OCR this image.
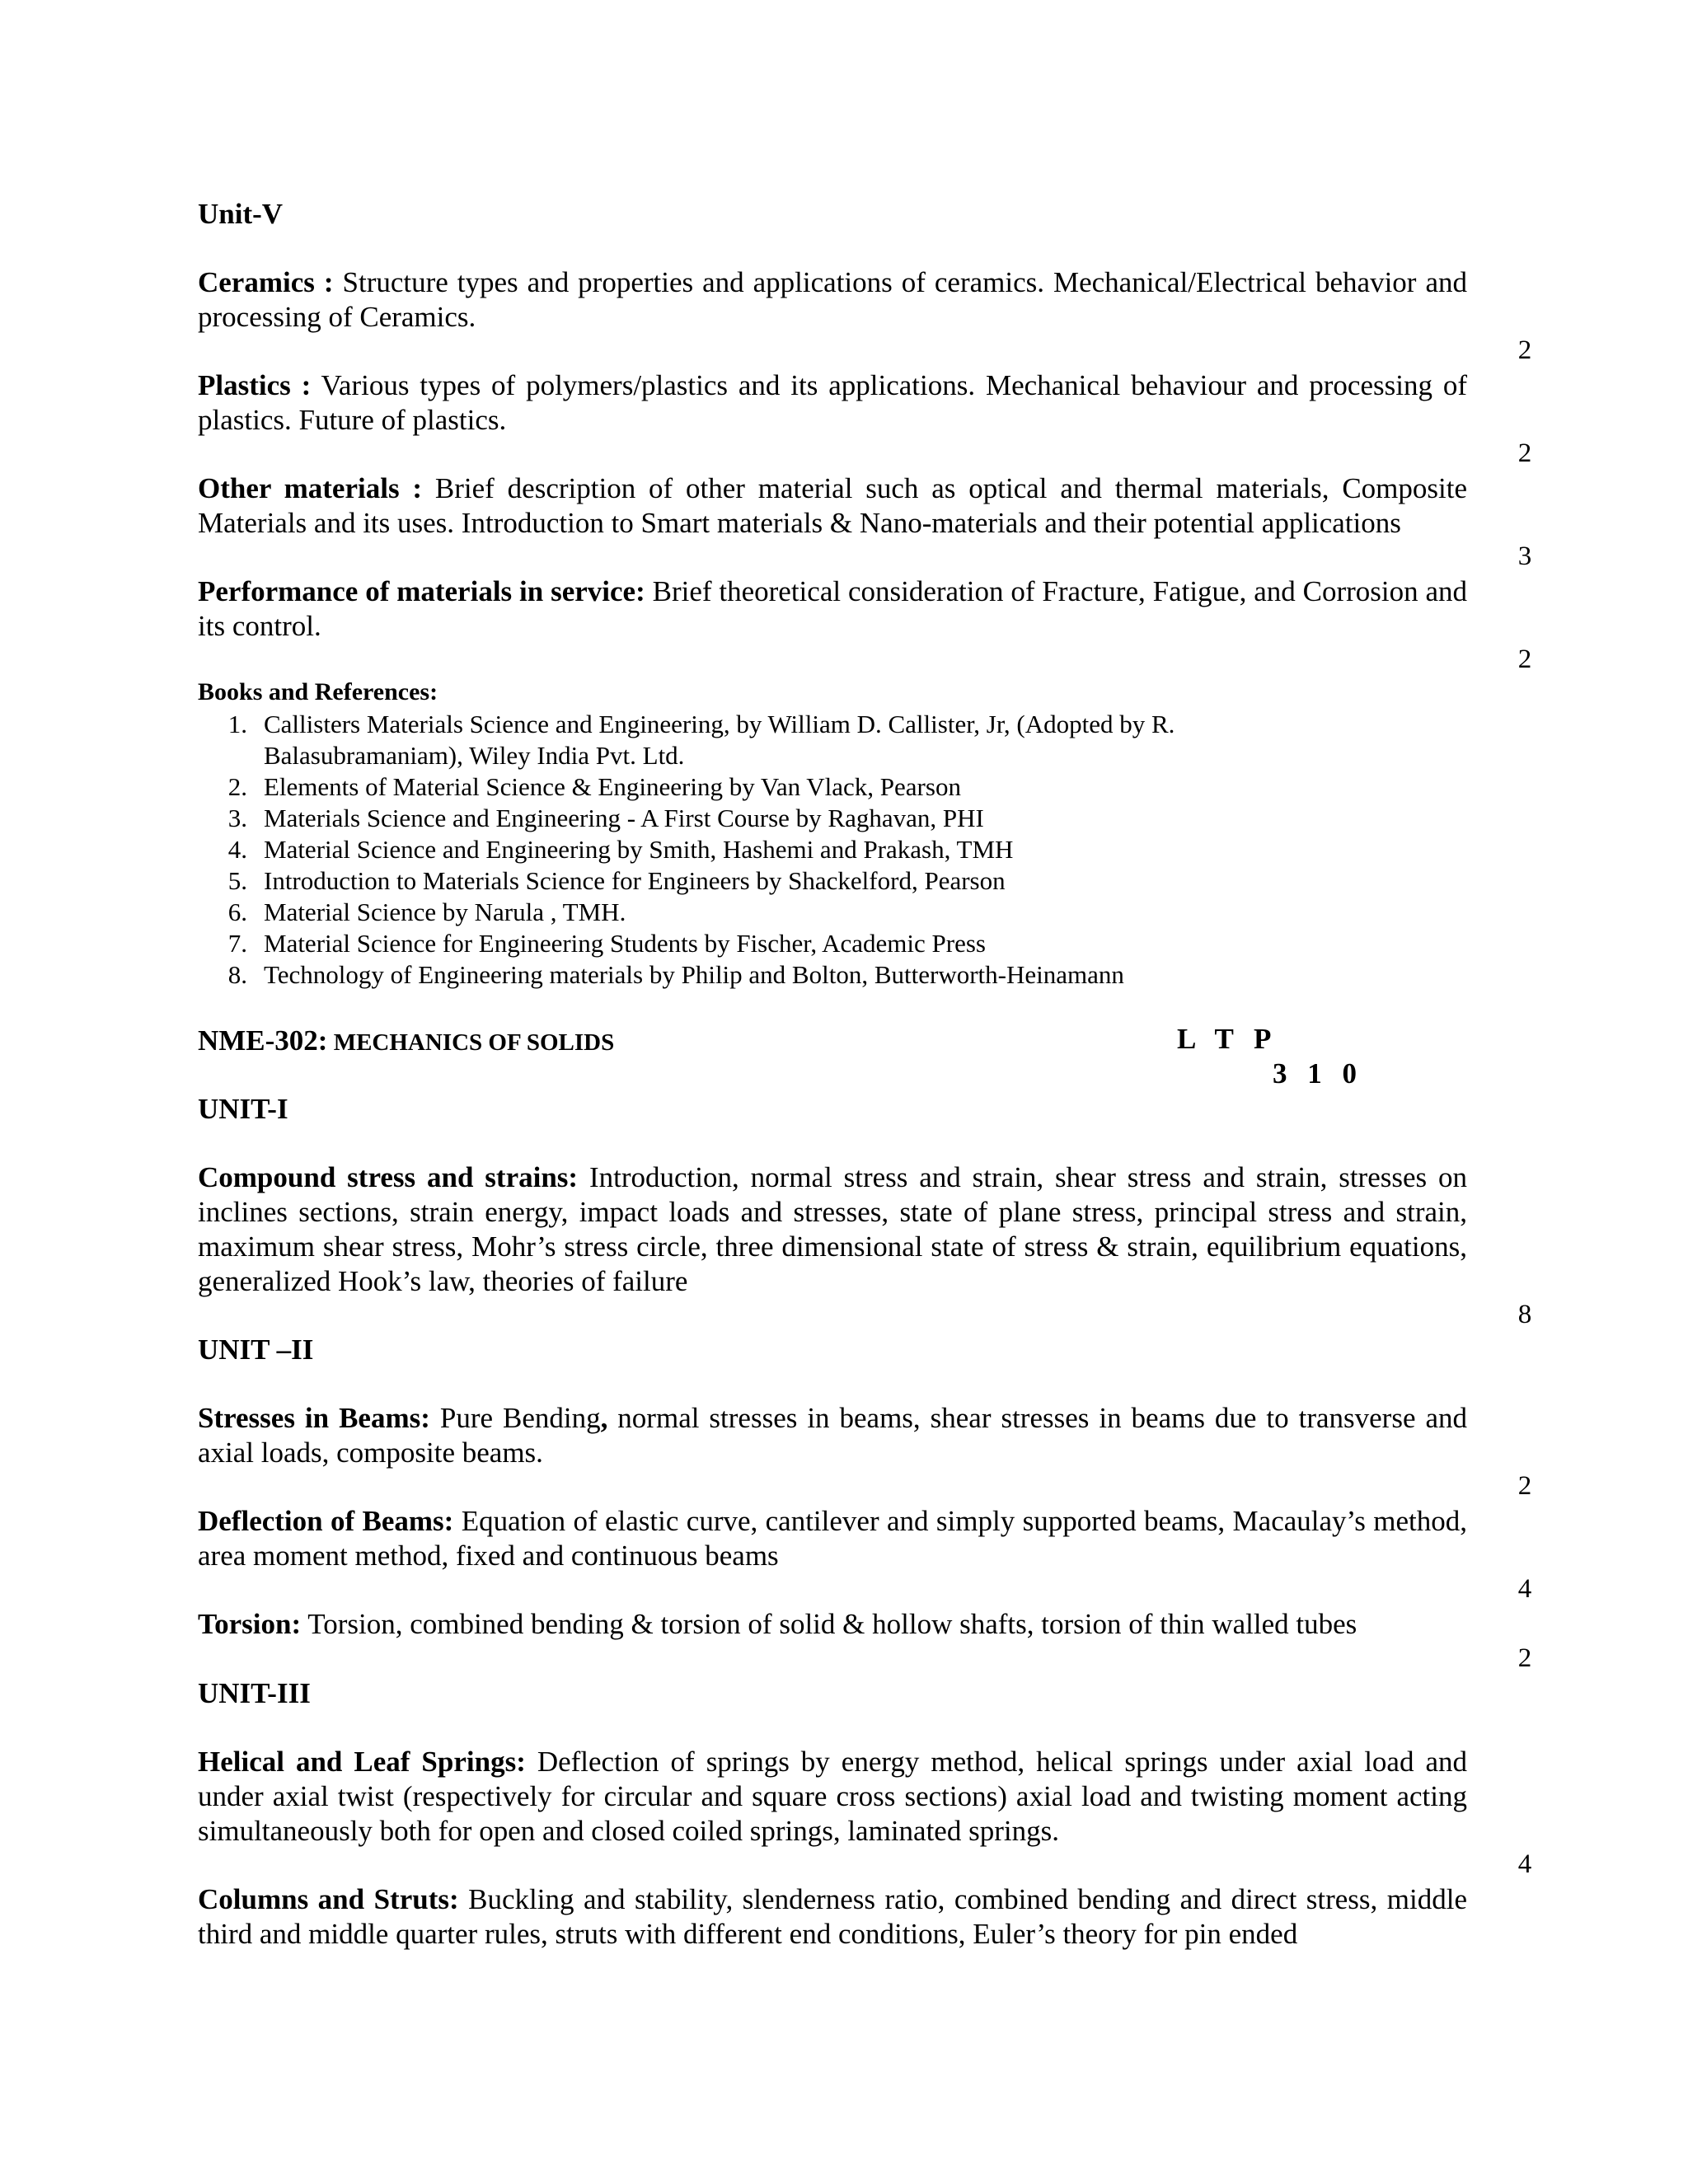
Unit-V
Ceramics : Structure types and properties and applications of ceramics. Mechanical/Electrical behavior and processing of Ceramics.
2
Plastics : Various types of polymers/plastics and its applications. Mechanical behaviour and processing of plastics. Future of plastics.
2
Other materials : Brief description of other material such as optical and thermal materials, Composite Materials and its uses. Introduction to Smart materials & Nano-materials and their potential applications
3
Performance of materials in service: Brief theoretical consideration of Fracture, Fatigue, and Corrosion and its control.
2
Books and References:
1. Callisters Materials Science and Engineering, by William D. Callister, Jr, (Adopted by R.
Balasubramaniam), Wiley India Pvt. Ltd.
2. Elements of Material Science & Engineering by Van Vlack, Pearson
3. Materials Science and Engineering - A First Course by Raghavan, PHI
4. Material Science and Engineering by Smith, Hashemi and Prakash, TMH
5. Introduction to Materials Science for Engineers by Shackelford, Pearson
6. Material Science by Narula , TMH.
7. Material Science for Engineering Students by Fischer, Academic Press
8. Technology of Engineering materials by Philip and Bolton, Butterworth-Heinamann
NME-302: MECHANICS OF SOLIDS	L T P
3 1 0
UNIT-I
Compound stress and strains: Introduction, normal stress and strain, shear stress and strain, stresses on inclines sections, strain energy, impact loads and stresses, state of plane stress, principal stress and strain, maximum shear stress, Mohr’s stress circle, three dimensional state of stress & strain, equilibrium equations, generalized Hook’s law, theories of failure
8
UNIT –II
Stresses in Beams: Pure Bending, normal stresses in beams, shear stresses in beams due to transverse and axial loads, composite beams.
2
Deflection of Beams: Equation of elastic curve, cantilever and simply supported beams, Macaulay’s method, area moment method, fixed and continuous beams
4
Torsion: Torsion, combined bending & torsion of solid & hollow shafts, torsion of thin walled tubes
2
UNIT-III
Helical and Leaf Springs: Deflection of springs by energy method, helical springs under axial load and under axial twist (respectively for circular and square cross sections) axial load and twisting moment acting simultaneously both for open and closed coiled springs, laminated springs.
4
Columns and Struts: Buckling and stability, slenderness ratio, combined bending and direct stress, middle third and middle quarter rules, struts with different end conditions, Euler’s theory for pin ended
